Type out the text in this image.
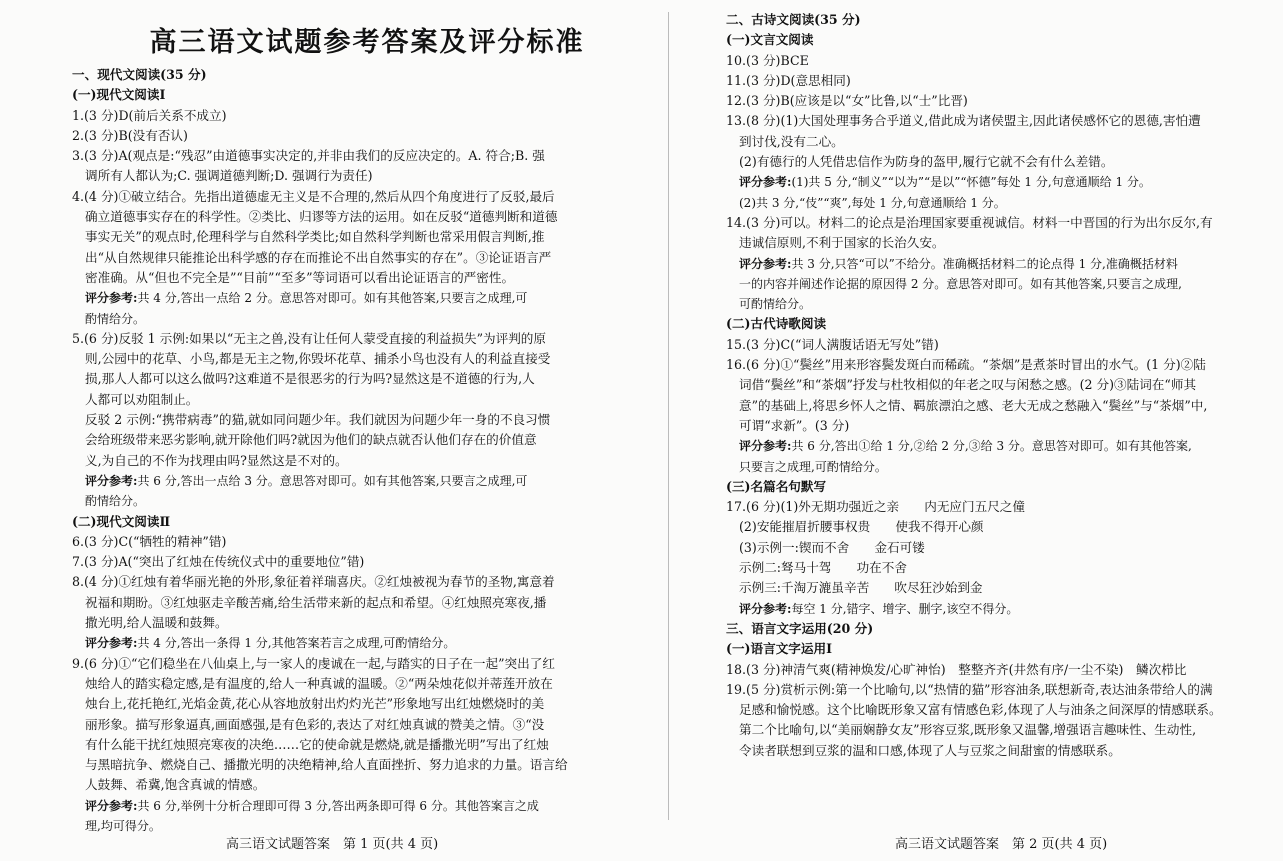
高三语文试题参考答案及评分标准
一、现代文阅读(35 分)
(一)现代文阅读Ⅰ
1.(3 分)D(前后关系不成立)
2.(3 分)B(没有否认)
3.(3 分)A(观点是:“残忍”由道德事实决定的,并非由我们的反应决定的。A. 符合;B. 强
调所有人都认为;C. 强调道德判断;D. 强调行为责任)
4.(4 分)①破立结合。先指出道德虚无主义是不合理的,然后从四个角度进行了反驳,最后
确立道德事实存在的科学性。②类比、归谬等方法的运用。如在反驳“道德判断和道德
事实无关”的观点时,伦理科学与自然科学类比;如自然科学判断也常采用假言判断,推
出“从自然规律只能推论出科学感的存在而推论不出自然事实的存在”。③论证语言严
密准确。从“但也不完全是”“目前”“至多”等词语可以看出论证语言的严密性。
评分参考:共 4 分,答出一点给 2 分。意思答对即可。如有其他答案,只要言之成理,可
酌情给分。
5.(6 分)反驳 1 示例:如果以“无主之兽,没有让任何人蒙受直接的利益损失”为评判的原
则,公园中的花草、小鸟,都是无主之物,你毁坏花草、捕杀小鸟也没有人的利益直接受
损,那人人都可以这么做吗?这难道不是很恶劣的行为吗?显然这是不道德的行为,人
人都可以劝阻制止。
反驳 2 示例:“携带病毒”的猫,就如同问题少年。我们就因为问题少年一身的不良习惯
会给班级带来恶劣影响,就开除他们吗?就因为他们的缺点就否认他们存在的价值意
义,为自己的不作为找理由吗?显然这是不对的。
评分参考:共 6 分,答出一点给 3 分。意思答对即可。如有其他答案,只要言之成理,可
酌情给分。
(二)现代文阅读Ⅱ
6.(3 分)C(“牺牲的精神”错)
7.(3 分)A(“突出了红烛在传统仪式中的重要地位”错)
8.(4 分)①红烛有着华丽光艳的外形,象征着祥瑞喜庆。②红烛被视为春节的圣物,寓意着
祝福和期盼。③红烛驱走辛酸苦痛,给生活带来新的起点和希望。④红烛照亮寒夜,播
撒光明,给人温暖和鼓舞。
评分参考:共 4 分,答出一条得 1 分,其他答案若言之成理,可酌情给分。
9.(6 分)①“它们稳坐在八仙桌上,与一家人的虔诚在一起,与踏实的日子在一起”突出了红
烛给人的踏实稳定感,是有温度的,给人一种真诚的温暖。②“两朵烛花似并蒂莲开放在
烛台上,花托艳红,光焰金黄,花心从容地放射出灼灼光芒”形象地写出红烛燃烧时的美
丽形象。描写形象逼真,画面感强,是有色彩的,表达了对红烛真诚的赞美之情。③“没
有什么能干扰红烛照亮寒夜的决绝……它的使命就是燃烧,就是播撒光明”写出了红烛
与黑暗抗争、燃烧自己、播撒光明的决绝精神,给人直面挫折、努力追求的力量。语言给
人鼓舞、希冀,饱含真诚的情感。
评分参考:共 6 分,举例十分析合理即可得 3 分,答出两条即可得 6 分。其他答案言之成
理,均可得分。
二、古诗文阅读(35 分)
(一)文言文阅读
10.(3 分)BCE
11.(3 分)D(意思相同)
12.(3 分)B(应该是以“女”比鲁,以“士”比晋)
13.(8 分)(1)大国处理事务合乎道义,借此成为诸侯盟主,因此诸侯感怀它的恩德,害怕遭
到讨伐,没有二心。
(2)有德行的人凭借忠信作为防身的盔甲,履行它就不会有什么差错。
评分参考:(1)共 5 分,“制义”“以为”“是以”“怀德”每处 1 分,句意通顺给 1 分。
(2)共 3 分,“伎”“爽”,每处 1 分,句意通顺给 1 分。
14.(3 分)可以。材料二的论点是治理国家要重视诚信。材料一中晋国的行为出尔反尔,有
违诚信原则,不利于国家的长治久安。
评分参考:共 3 分,只答“可以”不给分。准确概括材料二的论点得 1 分,准确概括材料
一的内容并阐述作论据的原因得 2 分。意思答对即可。如有其他答案,只要言之成理,
可酌情给分。
(二)古代诗歌阅读
15.(3 分)C(“词人满腹话语无写处”错)
16.(6 分)①“鬓丝”用来形容鬓发斑白而稀疏。“茶烟”是煮茶时冒出的水气。(1 分)②陆
词借“鬓丝”和“茶烟”抒发与杜牧相似的年老之叹与闲愁之感。(2 分)③陆词在“师其
意”的基础上,将思乡怀人之情、羁旅漂泊之感、老大无成之愁融入“鬓丝”与“茶烟”中,
可谓“求新”。(3 分)
评分参考:共 6 分,答出①给 1 分,②给 2 分,③给 3 分。意思答对即可。如有其他答案,
只要言之成理,可酌情给分。
(三)名篇名句默写
17.(6 分)(1)外无期功强近之亲　　内无应门五尺之僮
(2)安能摧眉折腰事权贵　　使我不得开心颜
(3)示例一:锲而不舍　　金石可镂
示例二:驽马十驾　　功在不舍
示例三:千淘万漉虽辛苦　　吹尽狂沙始到金
评分参考:每空 1 分,错字、增字、删字,该空不得分。
三、语言文字运用(20 分)
(一)语言文字运用Ⅰ
18.(3 分)神清气爽(精神焕发/心旷神怡)　整整齐齐(井然有序/一尘不染)　鳞次栉比
19.(5 分)赏析示例:第一个比喻句,以“热情的猫”形容油条,联想新奇,表达油条带给人的满
足感和愉悦感。这个比喻既形象又富有情感色彩,体现了人与油条之间深厚的情感联系。
第二个比喻句,以“美丽娴静女友”形容豆浆,既形象又温馨,增强语言趣味性、生动性,
令读者联想到豆浆的温和口感,体现了人与豆浆之间甜蜜的情感联系。
高三语文试题答案　第 1 页(共 4 页)	高三语文试题答案　第 2 页(共 4 页)
